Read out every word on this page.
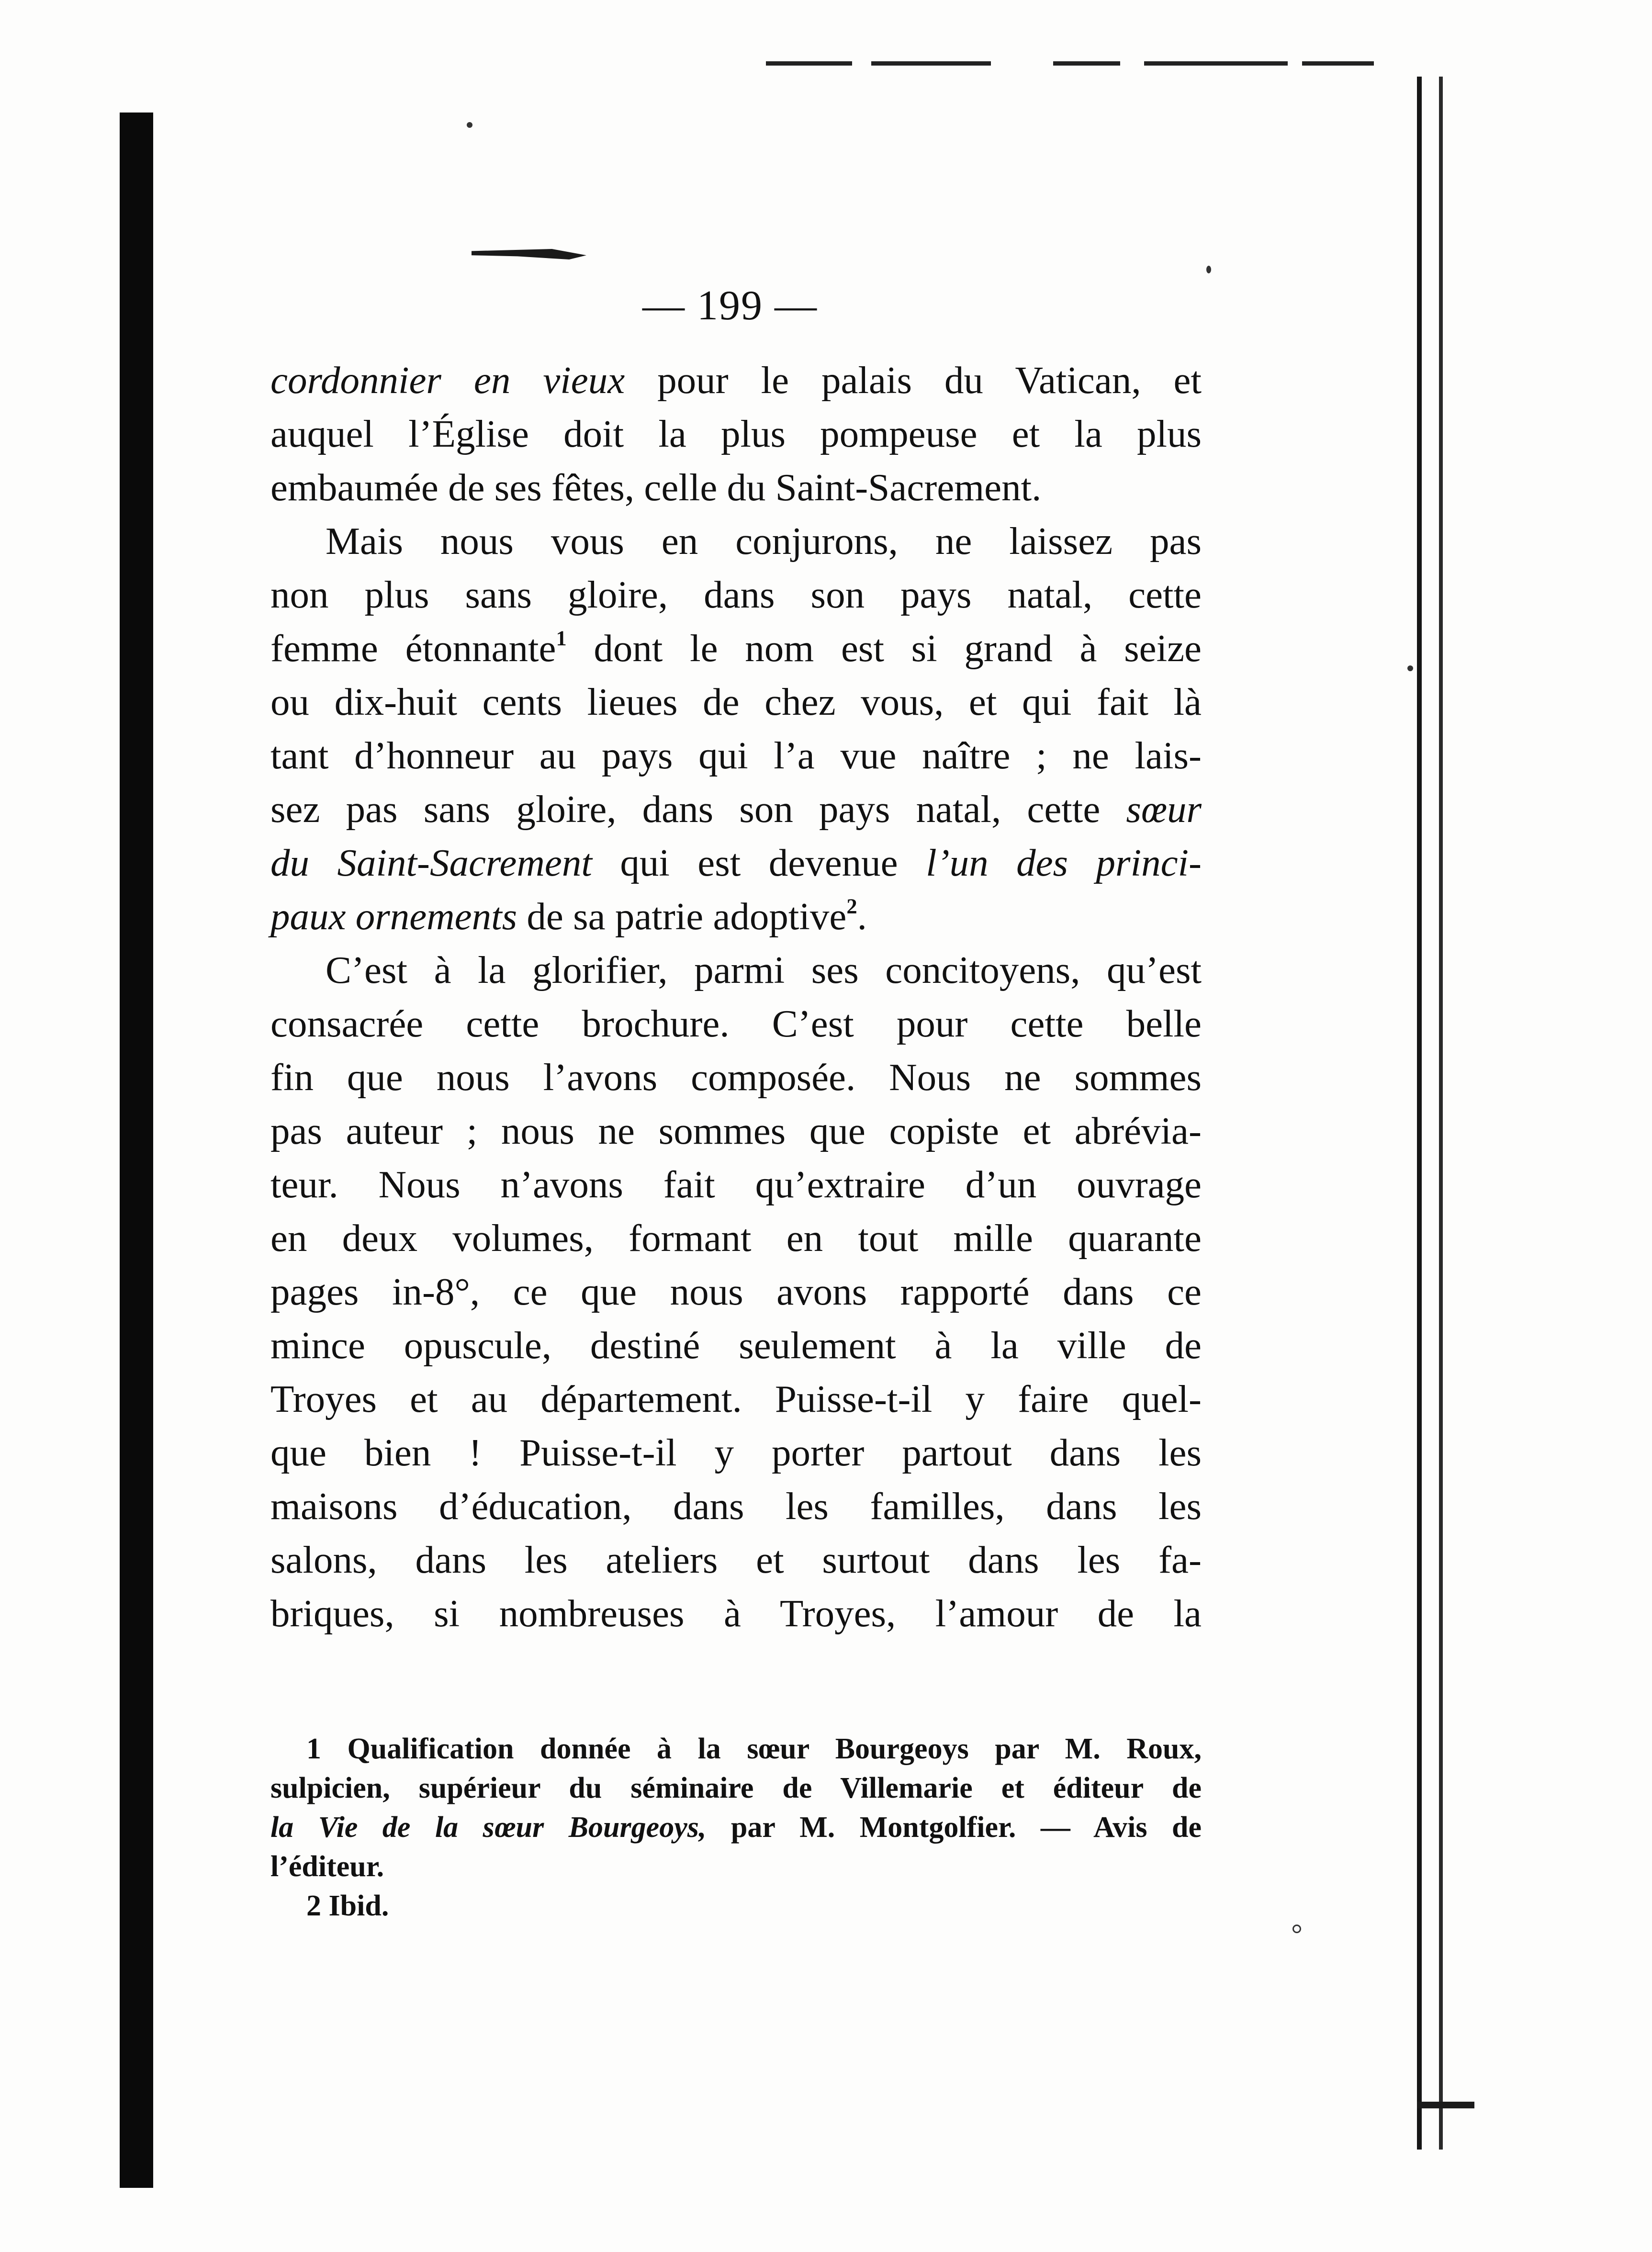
— 199 —
cordonnier en vieux pour le palais du Vatican, et
auquel l’Église doit la plus pompeuse et la plus
embaumée de ses fêtes, celle du Saint-Sacrement.
Mais nous vous en conjurons, ne laissez pas
non plus sans gloire, dans son pays natal, cette
femme étonnante$^1$ dont le nom est si grand à seize
ou dix-huit cents lieues de chez vous, et qui fait là
tant d’honneur au pays qui l’a vue naître ; ne lais-
sez pas sans gloire, dans son pays natal, cette sœur
du Saint-Sacrement qui est devenue l’un des princi-
paux ornements de sa patrie adoptive$^2$.
C’est à la glorifier, parmi ses concitoyens, qu’est
consacrée cette brochure. C’est pour cette belle
fin que nous l’avons composée. Nous ne sommes
pas auteur ; nous ne sommes que copiste et abrévia-
teur. Nous n’avons fait qu’extraire d’un ouvrage
en deux volumes, formant en tout mille quarante
pages in-8°, ce que nous avons rapporté dans ce
mince opuscule, destiné seulement à la ville de
Troyes et au département. Puisse-t-il y faire quel-
que bien ! Puisse-t-il y porter partout dans les
maisons d’éducation, dans les familles, dans les
salons, dans les ateliers et surtout dans les fa-
briques, si nombreuses à Troyes, l’amour de la
1 Qualification donnée à la sœur Bourgeoys par M. Roux,
sulpicien, supérieur du séminaire de Villemarie et éditeur de
la Vie de la sœur Bourgeoys, par M. Montgolfier. — Avis de
l’éditeur.
2 Ibid.
